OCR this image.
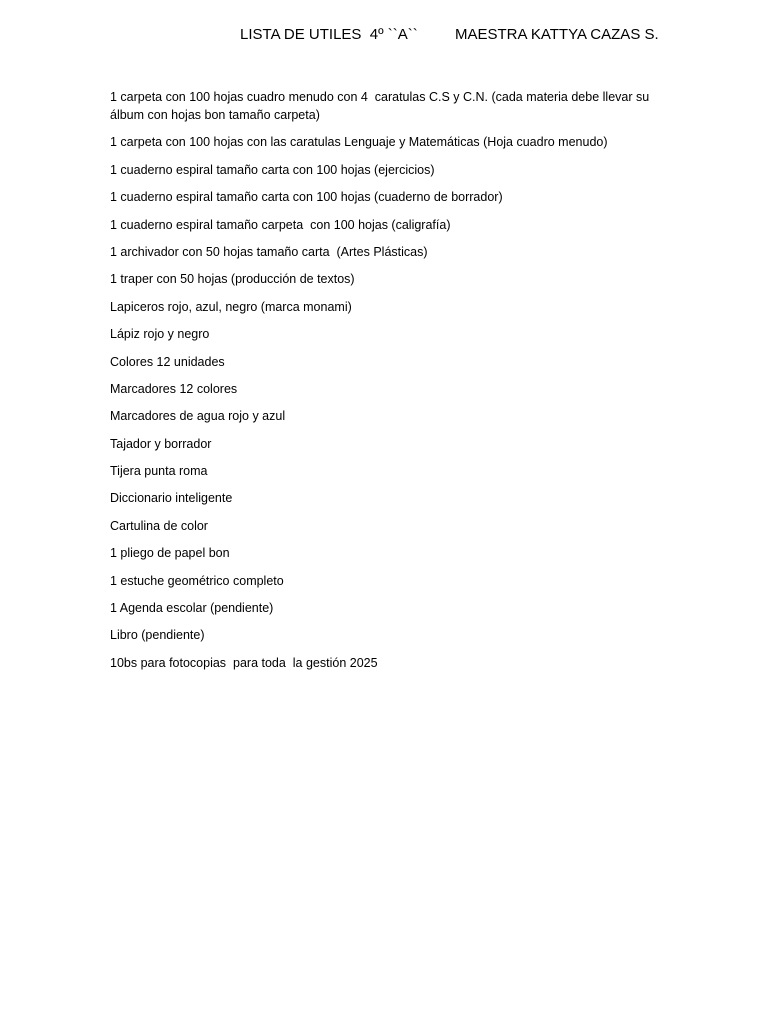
LISTA DE UTILES  4º ``A``

MAESTRA KATTYA CAZAS S.

1 carpeta con 100 hojas cuadro menudo con 4  caratulas C.S y C.N. (cada materia debe llevar su álbum con hojas bon tamaño carpeta)
1 carpeta con 100 hojas con las caratulas Lenguaje y Matemáticas (Hoja cuadro menudo)
1 cuaderno espiral tamaño carta con 100 hojas (ejercicios)
1 cuaderno espiral tamaño carta con 100 hojas (cuaderno de borrador)
1 cuaderno espiral tamaño carpeta  con 100 hojas (caligrafía)
1 archivador con 50 hojas tamaño carta  (Artes Plásticas)
1 traper con 50 hojas (producción de textos)
Lapiceros rojo, azul, negro (marca monami)
Lápiz rojo y negro
Colores 12 unidades
Marcadores 12 colores
Marcadores de agua rojo y azul
Tajador y borrador
Tijera punta roma
Diccionario inteligente
Cartulina de color
1 pliego de papel bon
1 estuche geométrico completo
1 Agenda escolar (pendiente)
Libro (pendiente)
10bs para fotocopias  para toda  la gestión 2025
